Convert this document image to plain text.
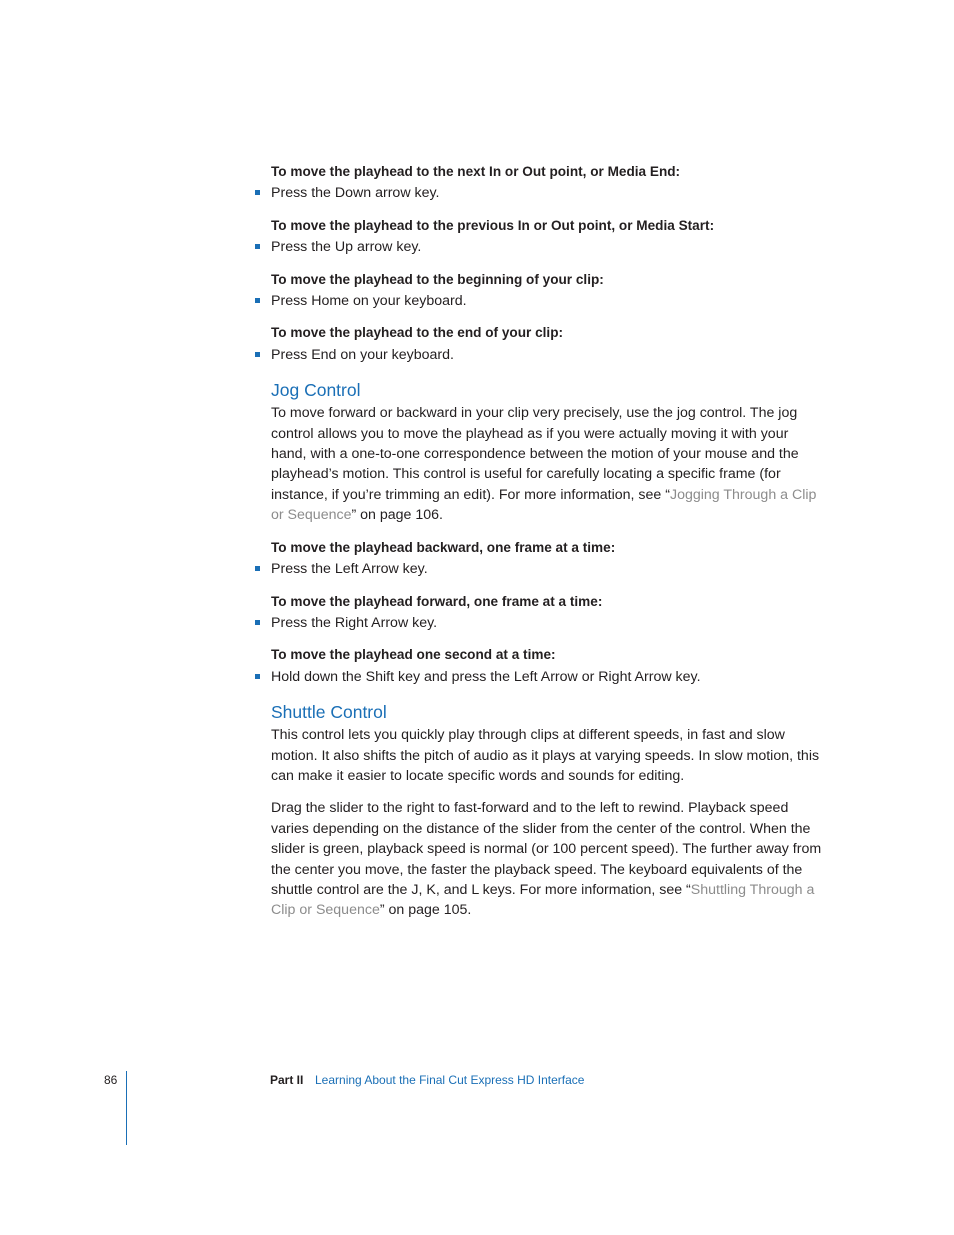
To move the playhead to the next In or Out point, or Media End:

Press the Down arrow key.

To move the playhead to the previous In or Out point, or Media Start:

Press the Up arrow key.

To move the playhead to the beginning of your clip:

Press Home on your keyboard.

To move the playhead to the end of your clip:

Press End on your keyboard.
Jog Control

To move forward or backward in your clip very precisely, use the jog control. The jog control allows you to move the playhead as if you were actually moving it with your hand, with a one-to-one correspondence between the motion of your mouse and the playhead’s motion. This control is useful for carefully locating a specific frame (for instance, if you’re trimming an edit). For more information, see “Jogging Through a Clip or Sequence” on page 106.

To move the playhead backward, one frame at a time:

Press the Left Arrow key.

To move the playhead forward, one frame at a time:

Press the Right Arrow key.

To move the playhead one second at a time:

Hold down the Shift key and press the Left Arrow or Right Arrow key.
Shuttle Control

This control lets you quickly play through clips at different speeds, in fast and slow motion. It also shifts the pitch of audio as it plays at varying speeds. In slow motion, this can make it easier to locate specific words and sounds for editing.

Drag the slider to the right to fast-forward and to the left to rewind. Playback speed varies depending on the distance of the slider from the center of the control. When the slider is green, playback speed is normal (or 100 percent speed). The further away from the center you move, the faster the playback speed. The keyboard equivalents of the shuttle control are the J, K, and L keys. For more information, see “Shuttling Through a Clip or Sequence” on page 105.

86	Part II Learning About the Final Cut Express HD Interface
